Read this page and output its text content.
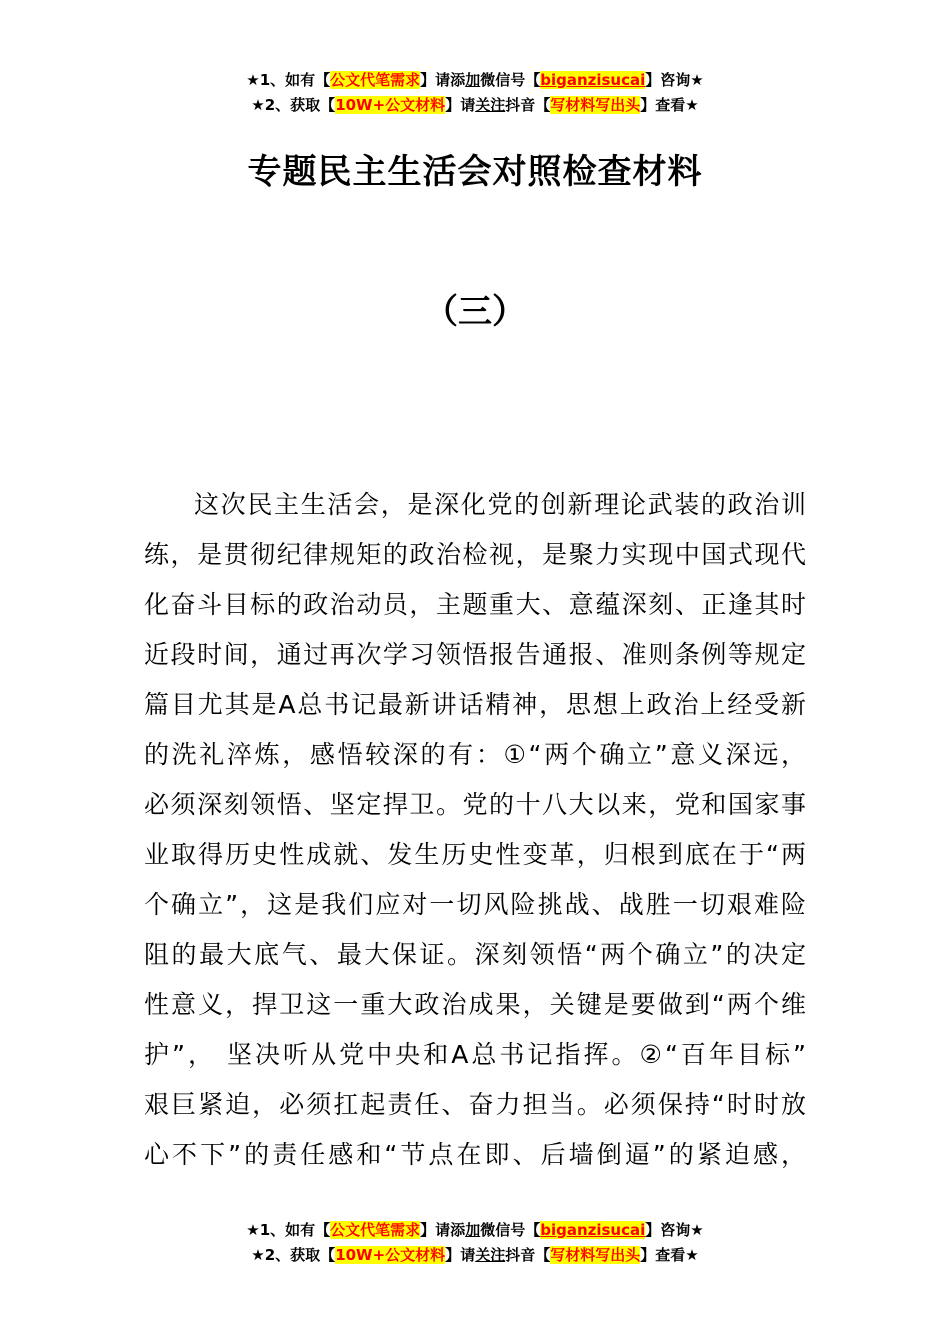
★1、如有【公文代笔需求】请添加微信号【biganzisucai】咨询★
★2、获取【10W+公文材料】请关注抖音【写材料写出头】查看★
专题民主生活会对照检查材料
（三）
这次民主生活会，是深化党的创新理论武装的政治训
练，是贯彻纪律规矩的政治检视，是聚力实现中国式现代
化奋斗目标的政治动员，主题重大、意蕴深刻、正逢其时
近段时间，通过再次学习领悟报告通报、准则条例等规定
篇目尤其是A总书记最新讲话精神，思想上政治上经受新
的洗礼淬炼，感悟较深的有：①“两个确立”意义深远，
必须深刻领悟、坚定捍卫。党的十八大以来，党和国家事
业取得历史性成就、发生历史性变革，归根到底在于“两
个确立”，这是我们应对一切风险挑战、战胜一切艰难险
阻的最大底气、最大保证。深刻领悟“两个确立”的决定
性意义，捍卫这一重大政治成果，关键是要做到“两个维
护”， 坚决听从党中央和A总书记指挥。②“百年目标”
艰巨紧迫，必须扛起责任、奋力担当。必须保持“时时放
心不下”的责任感和“节点在即、后墙倒逼”的紧迫感，
★1、如有【公文代笔需求】请添加微信号【biganzisucai】咨询★
★2、获取【10W+公文材料】请关注抖音【写材料写出头】查看★
